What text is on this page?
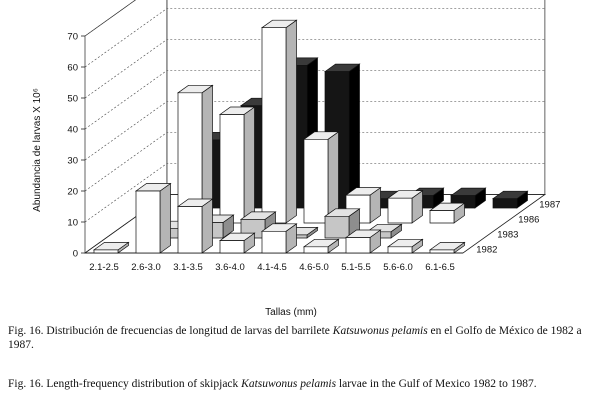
0
10
20
30
40
50
60
70
2.1-2.5 2.6-3.0 3.1-3.5 3.6-4.0 4.1-4.5 4.6-5.0 5.1-5.5 5.6-6.0 6.1-6.5
1982
1983
1986
1987
Abundancia de larvas X 10⁶
Tallas (mm)
Fig. 16. Distribución de frecuencias de longitud de larvas del barrilete Katsuwonus pelamis en el Golfo de México de 1982 a 1987.
Fig. 16. Length-frequency distribution of skipjack Katsuwonus pelamis larvae in the Gulf of Mexico 1982 to 1987.
